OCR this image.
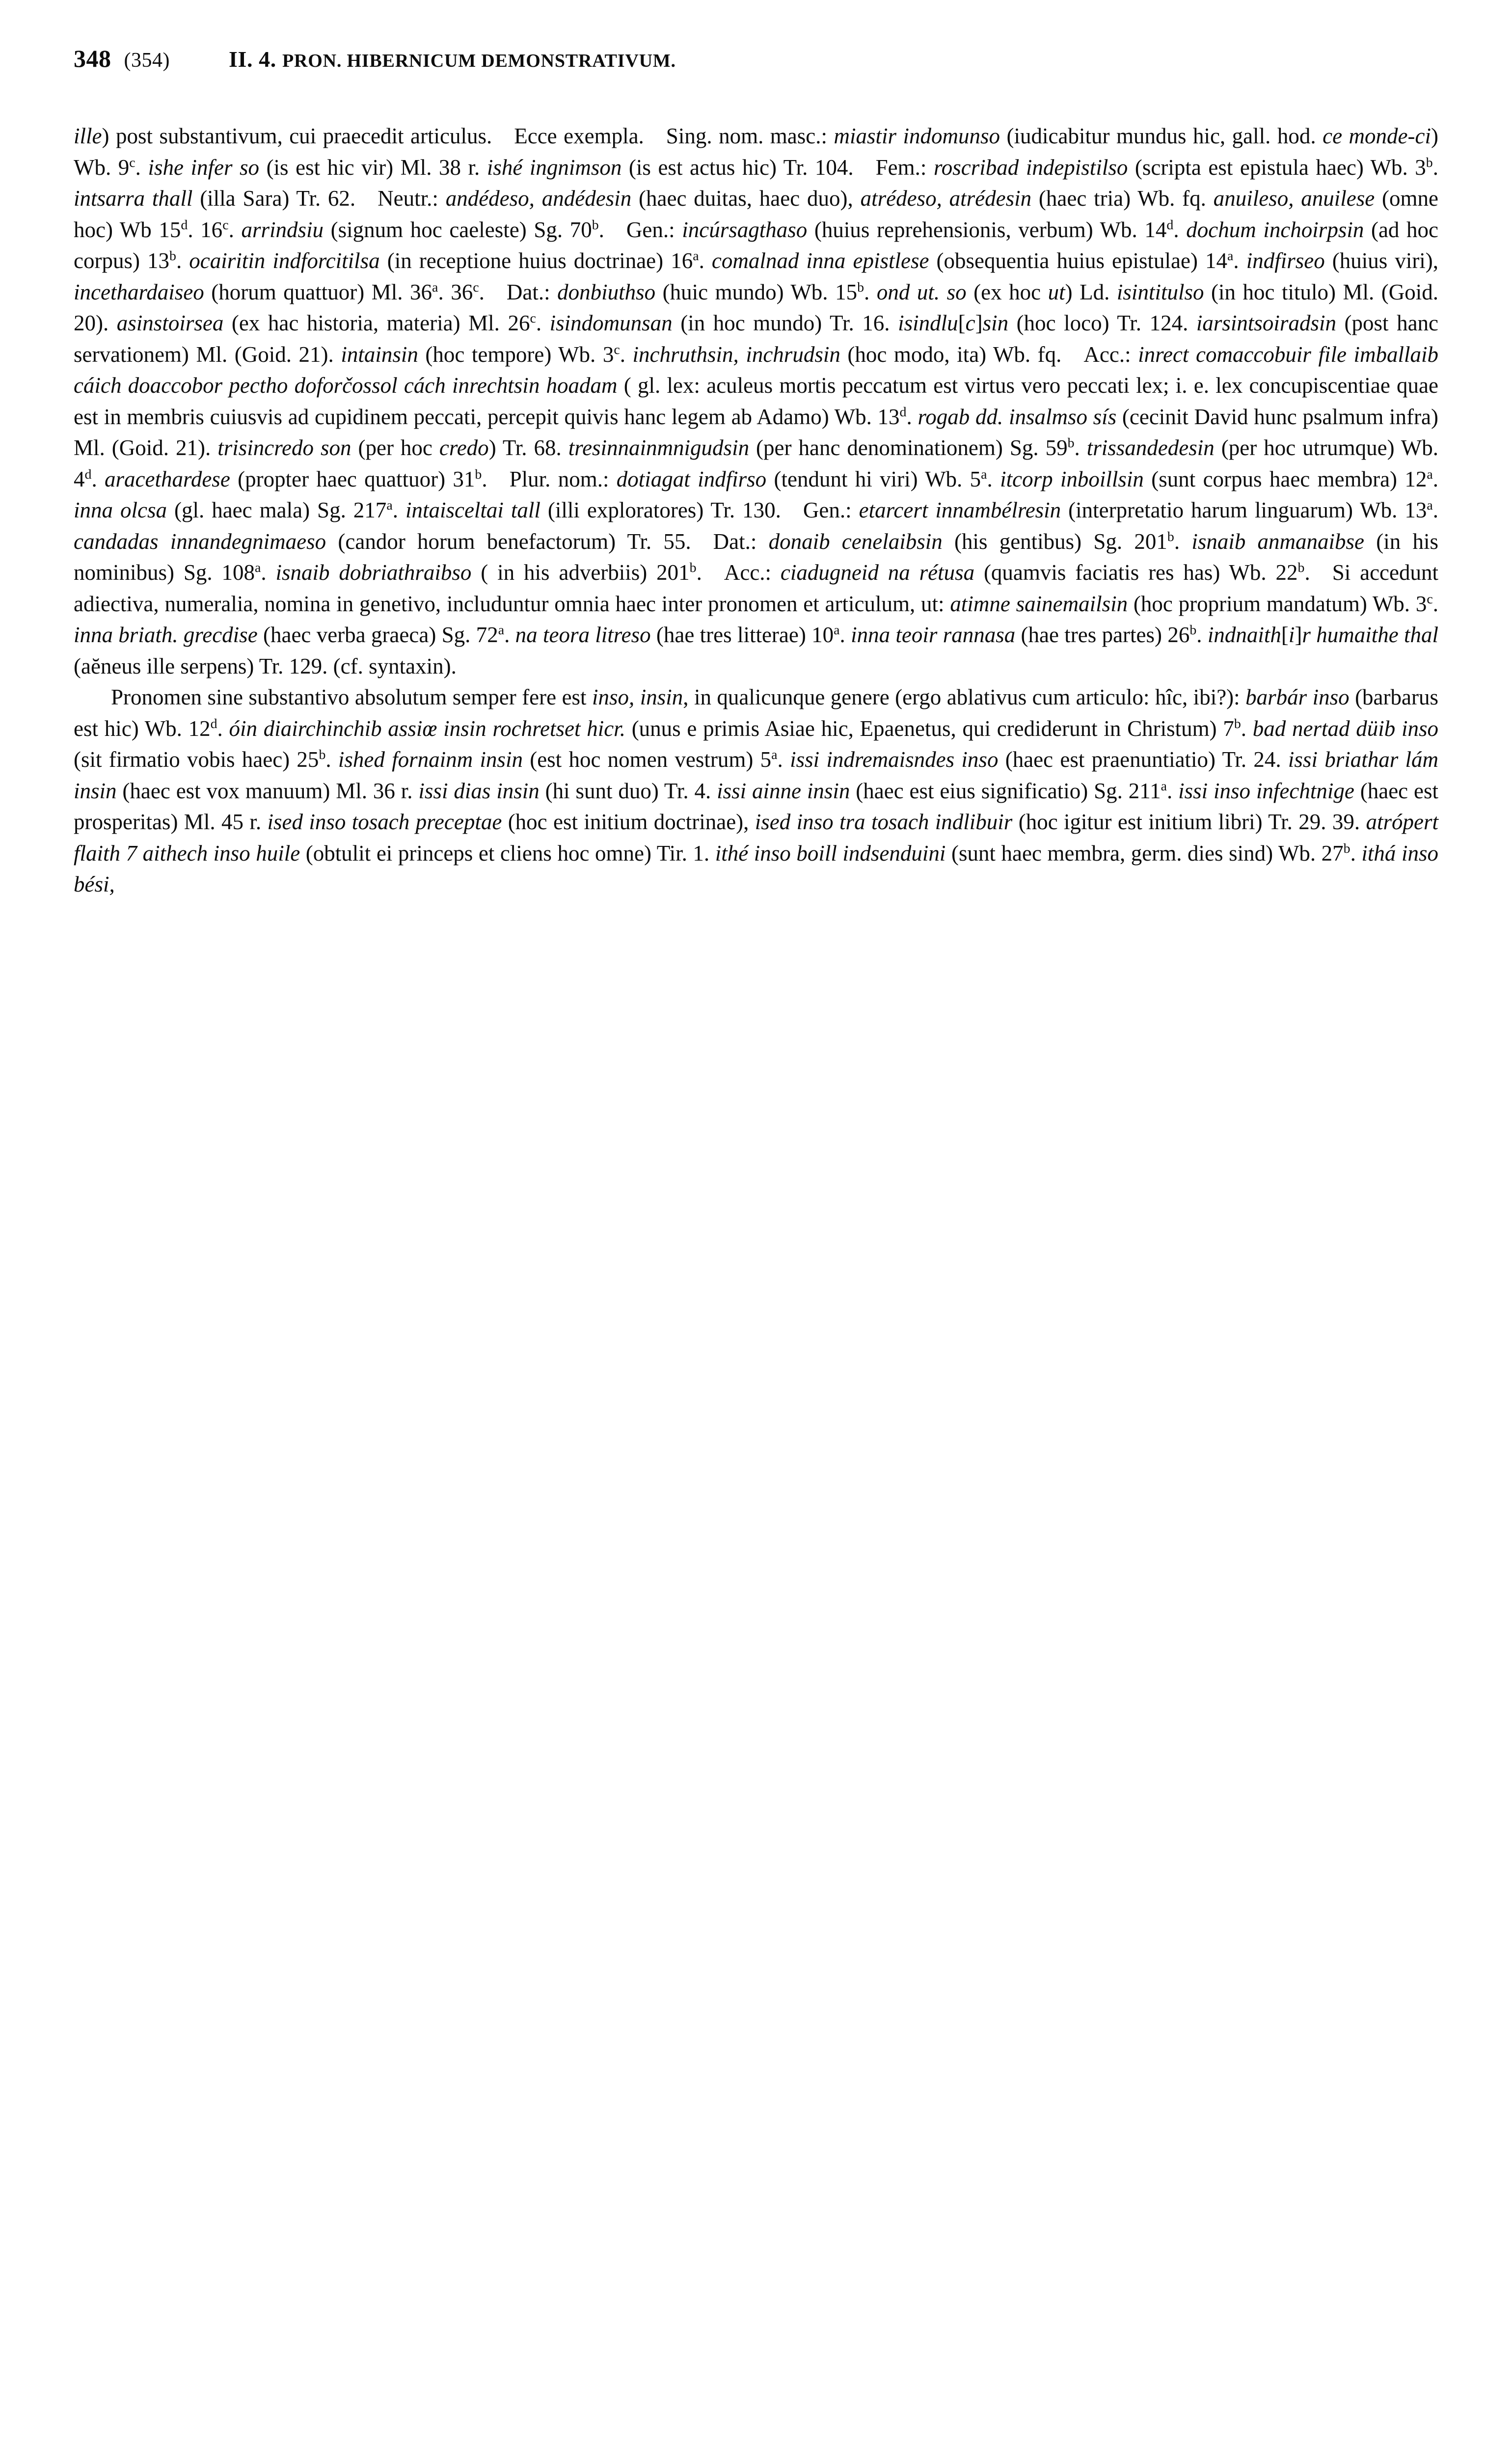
348 (354)	II. 4. PRON. HIBERNICUM DEMONSTRATIVUM.

ille) post substantivum, cui praecedit articulus. Ecce exempla. Sing. nom. masc.: miastir indomunso (iudicabitur mundus hic, gall. hod. ce monde-ci) Wb. 9$^c$. ishe infer so (is est hic vir) Ml. 38 r. ishé ingnimson (is est actus hic) Tr. 104. Fem.: roscribad indepistilso (scripta est epistula haec) Wb. 3$^b$. intsarra thall (illa Sara) Tr. 62. Neutr.: andédeso, andédesin (haec duitas, haec duo), atrédeso, atrédesin (haec tria) Wb. fq. anuileso, anuilese (omne hoc) Wb 15$^d$. 16$^c$. arrindsiu (signum hoc caeleste) Sg. 70$^b$. Gen.: incúrsagthaso (huius reprehensionis, verbum) Wb. 14$^d$. dochum inchoirpsin (ad hoc corpus) 13$^b$. ocairitin indforcitilsa (in receptione huius doctrinae) 16$^a$. comalnad inna epistlese (obsequentia huius epistulae) 14$^a$. indfirseo (huius viri), incethardaiseo (horum quattuor) Ml. 36$^a$. 36$^c$. Dat.: donbiuthso (huic mundo) Wb. 15$^b$. ond ut. so (ex hoc ut) Ld. isintitulso (in hoc titulo) Ml. (Goid. 20). asinstoirsea (ex hac historia, materia) Ml. 26$^c$. isindomunsan (in hoc mundo) Tr. 16. isindlu[c]sin (hoc loco) Tr. 124. iarsintsoiradsin (post hanc servationem) Ml. (Goid. 21). intainsin (hoc tempore) Wb. 3$^c$. inchruthsin, inchrudsin (hoc modo, ita) Wb. fq. Acc.: inrect comaccobuir file imballaib cáich doaccobor pectho doforčossol cách inrechtsin hoadam ( gl. lex: aculeus mortis peccatum est virtus vero peccati lex; i. e. lex concupiscentiae quae est in membris cuiusvis ad cupidinem peccati, percepit quivis hanc legem ab Adamo) Wb. 13$^d$. rogab dd. insalmso sís (cecinit David hunc psalmum infra) Ml. (Goid. 21). trisincredo son (per hoc credo) Tr. 68. tresinnainmnigudsin (per hanc denominationem) Sg. 59$^b$. trissandedesin (per hoc utrumque) Wb. 4$^d$. aracethardese (propter haec quattuor) 31$^b$. Plur. nom.: dotiagat indfirso (tendunt hi viri) Wb. 5$^a$. itcorp inboillsin (sunt corpus haec membra) 12$^a$. inna olcsa (gl. haec mala) Sg. 217$^a$. intaisceltai tall (illi exploratores) Tr. 130. Gen.: etarcert innambélresin (interpretatio harum linguarum) Wb. 13$^a$. candadas innandegnimaeso (candor horum benefactorum) Tr. 55. Dat.: donaib cenelaibsin (his gentibus) Sg. 201$^b$. isnaib anmanaibse (in his nominibus) Sg. 108$^a$. isnaib dobriathraibso ( in his adverbiis) 201$^b$. Acc.: ciadugneid na rétusa (quamvis faciatis res has) Wb. 22$^b$. Si accedunt adiectiva, numeralia, nomina in genetivo, includuntur omnia haec inter pronomen et articulum, ut: atimne sainemailsin (hoc proprium mandatum) Wb. 3$^c$. inna briath. grecdise (haec verba graeca) Sg. 72$^a$. na teora litreso (hae tres litterae) 10$^a$. inna teoir rannasa (hae tres partes) 26$^b$. indnaith[i]r humaithe thal (aĕneus ille serpens) Tr. 129. (cf. syntaxin).

Pronomen sine substantivo absolutum semper fere est inso, insin, in qualicunque genere (ergo ablativus cum articulo: hîc, ibi?): barbár inso (barbarus est hic) Wb. 12$^d$. óin diairchinchib assiœ insin rochretset hicr. (unus e primis Asiae hic, Epaenetus, qui crediderunt in Christum) 7$^b$. bad nertad düib inso (sit firmatio vobis haec) 25$^b$. ished fornainm insin (est hoc nomen vestrum) 5$^a$. issi indremaisndes inso (haec est praenuntiatio) Tr. 24. issi briathar lám insin (haec est vox manuum) Ml. 36 r. issi dias insin (hi sunt duo) Tr. 4. issi ainne insin (haec est eius significatio) Sg. 211$^a$. issi inso infechtnige (haec est prosperitas) Ml. 45 r. ised inso tosach preceptae (hoc est initium doctrinae), ised inso tra tosach indlibuir (hoc igitur est initium libri) Tr. 29. 39. atrópert flaith 7 aithech inso huile (obtulit ei princeps et cliens hoc omne) Tir. 1. ithé inso boill indsenduini (sunt haec membra, germ. dies sind) Wb. 27$^b$. ithá inso bési,
